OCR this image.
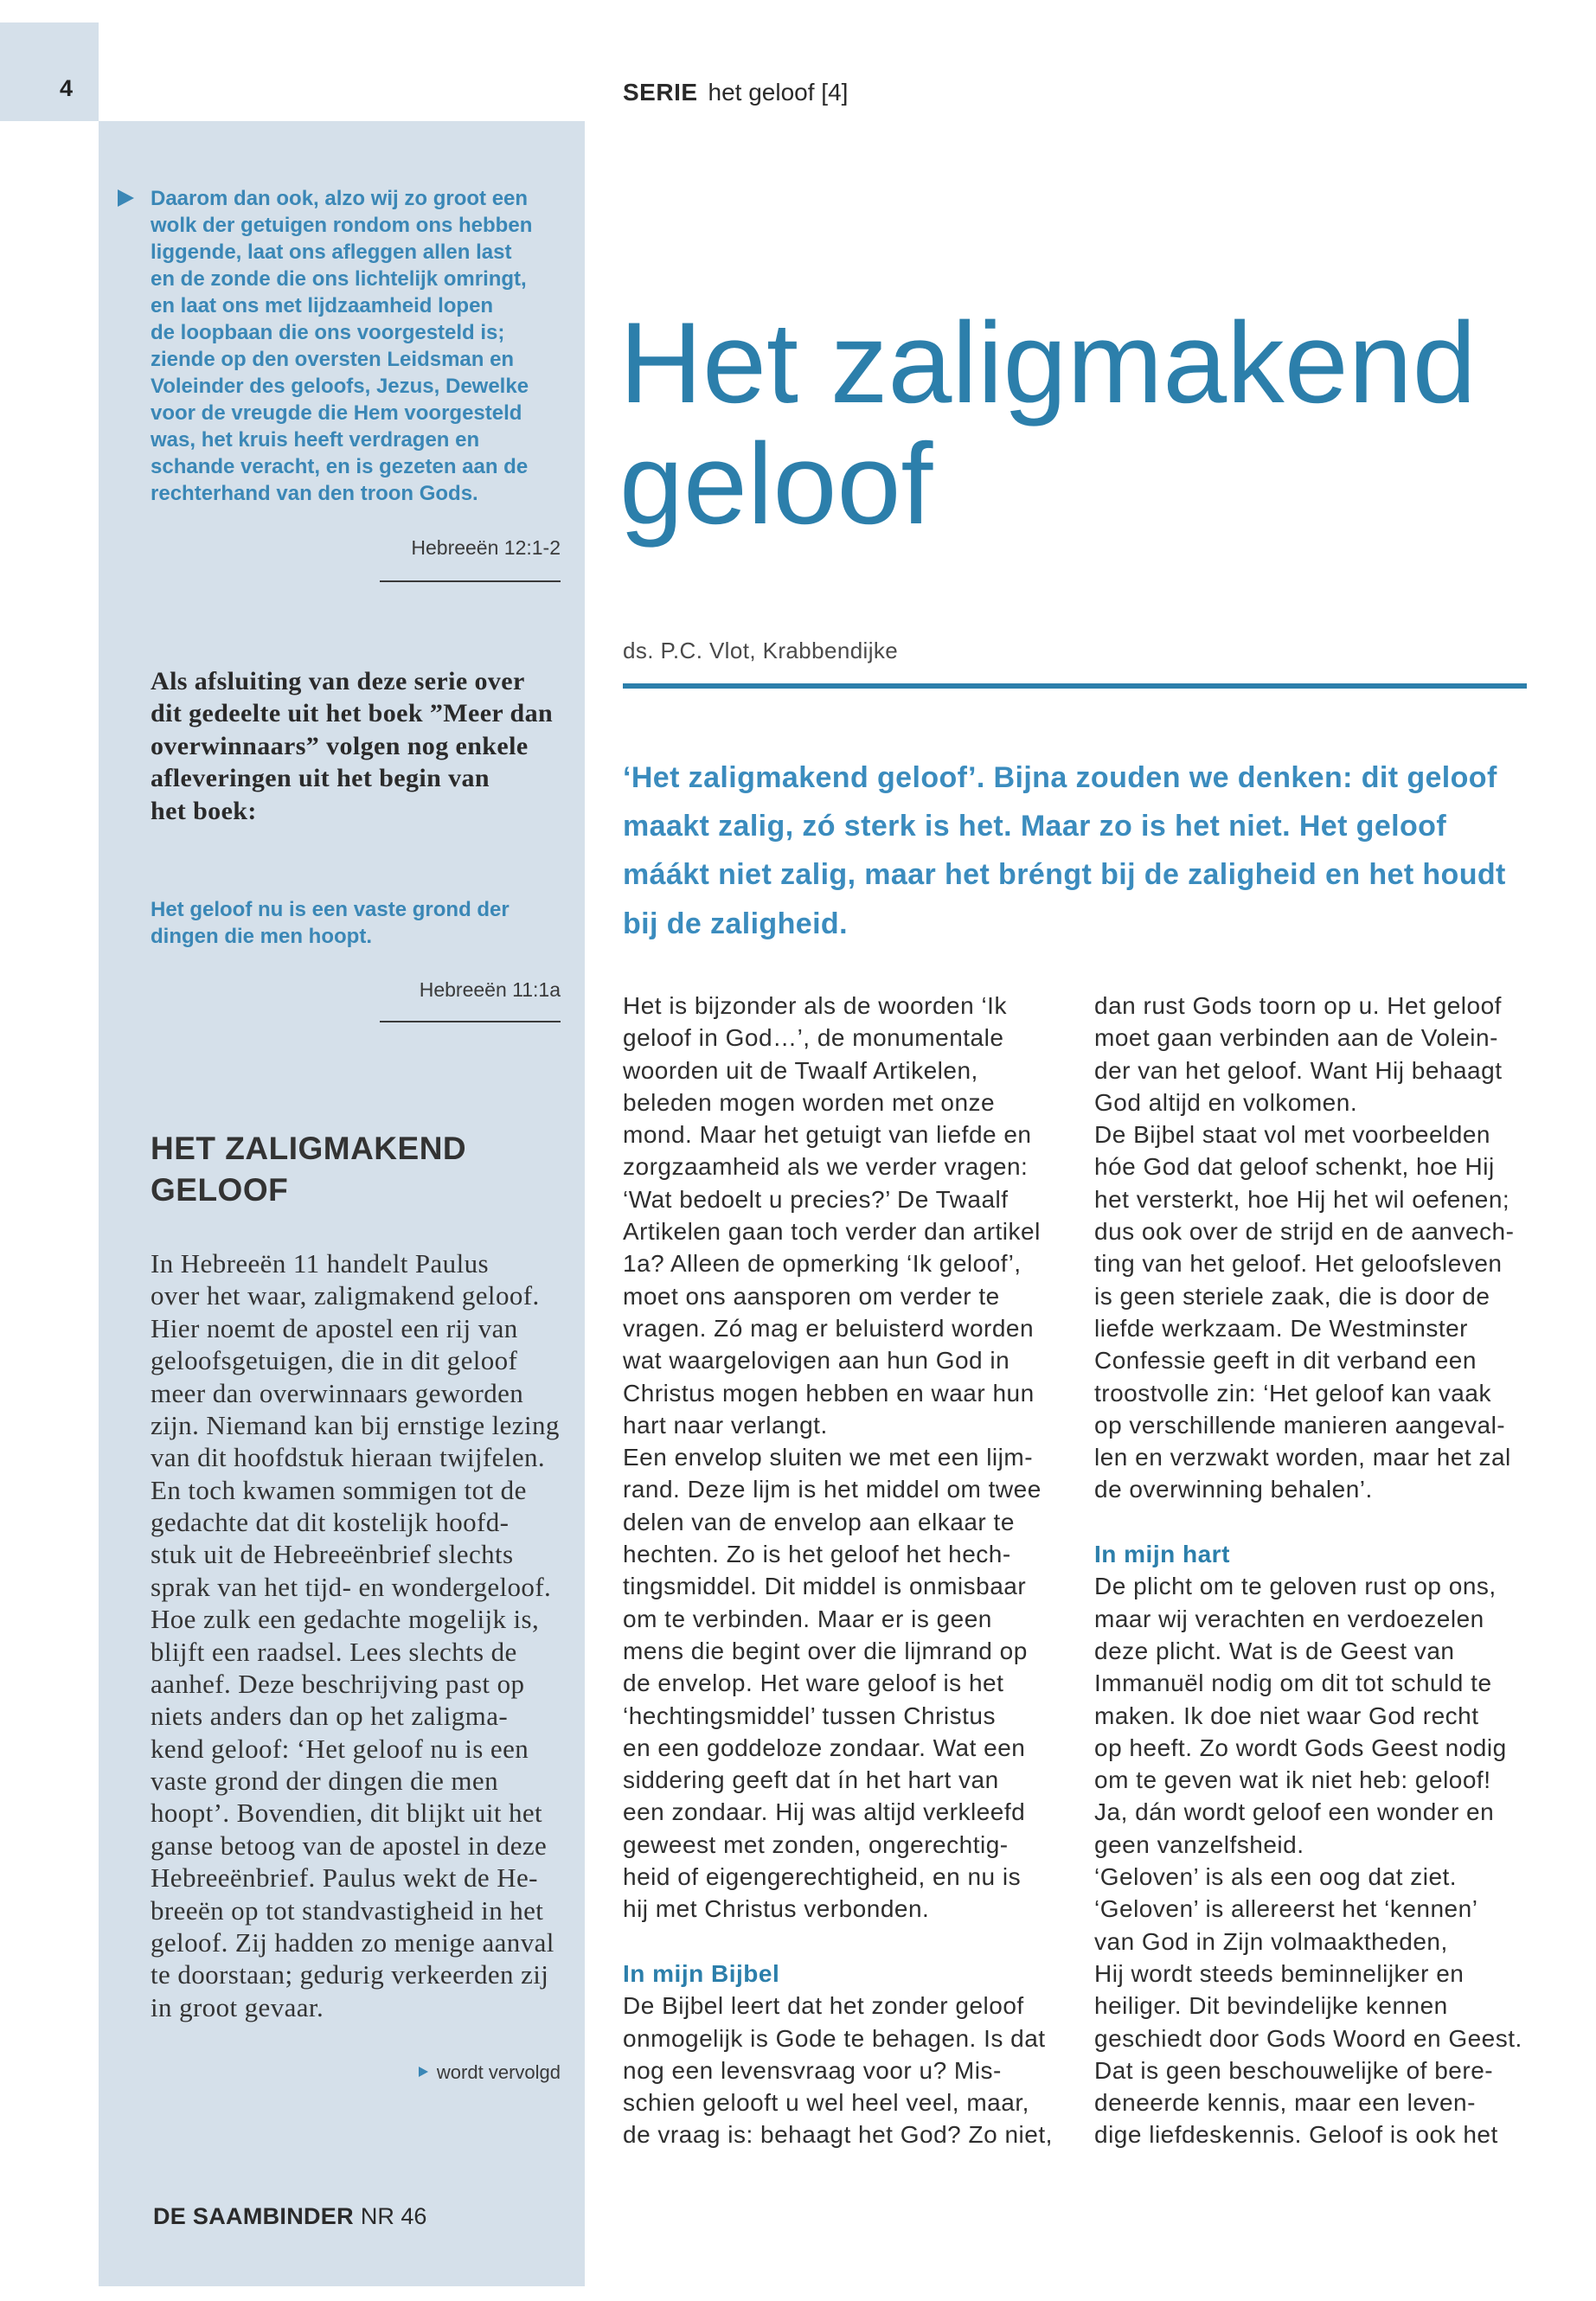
4	SERIE het geloof [4]
Daarom dan ook, alzo wij zo groot een
wolk der getuigen rondom ons hebben
liggende, laat ons afleggen allen last
en de zonde die ons lichtelijk omringt,
en laat ons met lijdzaamheid lopen
de loopbaan die ons voorgesteld is;
ziende op den oversten Leidsman en
Voleinder des geloofs, Jezus, Dewelke
voor de vreugde die Hem voorgesteld
was, het kruis heeft verdragen en
schande veracht, en is gezeten aan de
rechterhand van den troon Gods.
Hebreeën 12:1-2
Als afsluiting van deze serie over
dit gedeelte uit het boek ”Meer dan
overwinnaars” volgen nog enkele
afleveringen uit het begin van
het boek:
Het geloof nu is een vaste grond der
dingen die men hoopt.
Hebreeën 11:1a
HET ZALIGMAKEND
GELOOF
In Hebreeën 11 handelt Paulus
over het waar, zaligmakend geloof.
Hier noemt de apostel een rij van
geloofsgetuigen, die in dit geloof
meer dan overwinnaars geworden
zijn. Niemand kan bij ernstige lezing
van dit hoofdstuk hieraan twijfelen.
En toch kwamen sommigen tot de
gedachte dat dit kostelijk hoofd-
stuk uit de Hebreeënbrief slechts
sprak van het tijd- en wondergeloof.
Hoe zulk een gedachte mogelijk is,
blijft een raadsel. Lees slechts de
aanhef. Deze beschrijving past op
niets anders dan op het zaligma-
kend geloof: ‘Het geloof nu is een
vaste grond der dingen die men
hoopt’. Bovendien, dit blijkt uit het
ganse betoog van de apostel in deze
Hebreeënbrief. Paulus wekt de He-
breeën op tot standvastigheid in het
geloof. Zij hadden zo menige aanval
te doorstaan; gedurig verkeerden zij
in groot gevaar.
wordt vervolgd
DE SAAMBINDER NR 46
Het zaligmakend
geloof
ds. P.C. Vlot, Krabbendijke
‘Het zaligmakend geloof’. Bijna zouden we denken: dit geloof
maakt zalig, zó sterk is het. Maar zo is het niet. Het geloof
máákt niet zalig, maar het bréngt bij de zaligheid en het houdt
bij de zaligheid.
Het is bijzonder als de woorden ‘Ik
geloof in God…’, de monumentale
woorden uit de Twaalf Artikelen,
beleden mogen worden met onze
mond. Maar het getuigt van liefde en
zorgzaamheid als we verder vragen:
‘Wat bedoelt u precies?’ De Twaalf
Artikelen gaan toch verder dan artikel
1a? Alleen de opmerking ‘Ik geloof’,
moet ons aansporen om verder te
vragen. Zó mag er beluisterd worden
wat waargelovigen aan hun God in
Christus mogen hebben en waar hun
hart naar verlangt.
Een envelop sluiten we met een lijm-
rand. Deze lijm is het middel om twee
delen van de envelop aan elkaar te
hechten. Zo is het geloof het hech-
tingsmiddel. Dit middel is onmisbaar
om te verbinden. Maar er is geen
mens die begint over die lijmrand op
de envelop. Het ware geloof is het
‘hechtingsmiddel’ tussen Christus
en een goddeloze zondaar. Wat een
siddering geeft dat ín het hart van
een zondaar. Hij was altijd verkleefd
geweest met zonden, ongerechtig-
heid of eigengerechtigheid, en nu is
hij met Christus verbonden.
In mijn Bijbel
De Bijbel leert dat het zonder geloof
onmogelijk is Gode te behagen. Is dat
nog een levensvraag voor u? Mis-
schien gelooft u wel heel veel, maar,
de vraag is: behaagt het God? Zo niet,
dan rust Gods toorn op u. Het geloof
moet gaan verbinden aan de Volein-
der van het geloof. Want Hij behaagt
God altijd en volkomen.
De Bijbel staat vol met voorbeelden
hóe God dat geloof schenkt, hoe Hij
het versterkt, hoe Hij het wil oefenen;
dus ook over de strijd en de aanvech-
ting van het geloof. Het geloofsleven
is geen steriele zaak, die is door de
liefde werkzaam. De Westminster
Confessie geeft in dit verband een
troostvolle zin: ‘Het geloof kan vaak
op verschillende manieren aangeval-
len en verzwakt worden, maar het zal
de overwinning behalen’.
In mijn hart
De plicht om te geloven rust op ons,
maar wij verachten en verdoezelen
deze plicht. Wat is de Geest van
Immanuël nodig om dit tot schuld te
maken. Ik doe niet waar God recht
op heeft. Zo wordt Gods Geest nodig
om te geven wat ik niet heb: geloof!
Ja, dán wordt geloof een wonder en
geen vanzelfsheid.
‘Geloven’ is als een oog dat ziet.
‘Geloven’ is allereerst het ‘kennen’
van God in Zijn volmaaktheden,
Hij wordt steeds beminnelijker en
heiliger. Dit bevindelijke kennen
geschiedt door Gods Woord en Geest.
Dat is geen beschouwelijke of bere-
deneerde kennis, maar een leven-
dige liefdeskennis. Geloof is ook het
